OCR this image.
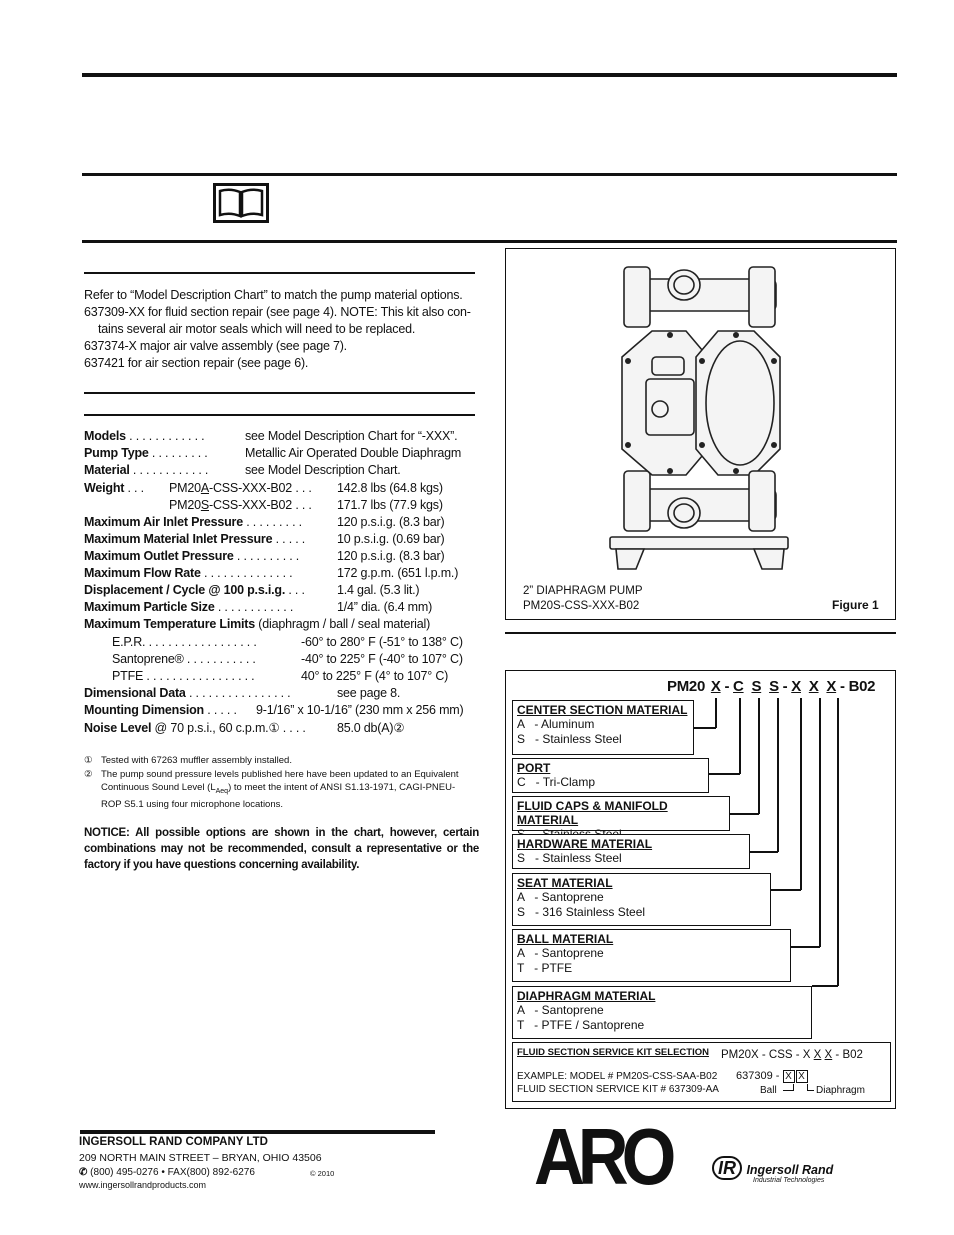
Refer to “Model Description Chart” to match the pump material options.
637309-XX for fluid section repair (see page 4). NOTE: This kit also con-
tains several air motor seals which will need to be replaced.
637374-X major air valve assembly (see page 7).
637421 for air section repair (see page 6).
Models . . . . . . . . . . . .	see Model Description Chart for “-XXX”.
Pump Type . . . . . . . . .	Metallic Air Operated Double Diaphragm
Material . . . . . . . . . . . .	see Model Description Chart.
Weight . . . PM20A-CSS-XXX-B02 . . . 142.8 lbs (64.8 kgs)
PM20S-CSS-XXX-B02 . . . 171.7 lbs (77.9 kgs)
Maximum Air Inlet Pressure . . . . . . . . .	120 p.s.i.g. (8.3 bar)
Maximum Material Inlet Pressure . . . . .	10 p.s.i.g. (0.69 bar)
Maximum Outlet Pressure . . . . . . . . . .	120 p.s.i.g. (8.3 bar)
Maximum Flow Rate . . . . . . . . . . . . . .	172 g.p.m. (651 l.p.m.)
Displacement / Cycle @ 100 p.s.i.g. . . .	1.4 gal. (5.3 lit.)
Maximum Particle Size . . . . . . . . . . . .	1/4” dia. (6.4 mm)
Maximum Temperature Limits (diaphragm / ball / seal material)
E.P.R. . . . . . . . . . . . . . . . . .	-60° to 280° F (-51° to 138° C)
Santoprene® . . . . . . . . . . .	-40° to 225° F (-40° to 107° C)
PTFE . . . . . . . . . . . . . . . . .	40° to 225° F (4° to 107° C)
Dimensional Data . . . . . . . . . . . . . . . .	see page 8.
Mounting Dimension . . . . . 9-1/16” x 10-1/16” (230 mm x 256 mm)
Noise Level @ 70 p.s.i., 60 c.p.m.① . . . .	85.0 db(A)②
① Tested with 67263 muffler assembly installed.
② The pump sound pressure levels published here have been updated to an Equivalent
Continuous Sound Level $(L_{Aeq})$ to meet the intent of ANSI S1.13-1971, CAGI-PNEU-
ROP S5.1 using four microphone locations.
NOTICE: All possible options are shown in the chart, however, certain
combinations may not be recommended, consult a representative or the
factory if you have questions concerning availability.
2” DIAPHRAGM PUMP
PM20S-CSS-XXX-B02	Figure 1
PM20 X - C S S - X X X - B02
CENTER SECTION MATERIAL
A   - Aluminum
S   - Stainless Steel
PORT
C   - Tri-Clamp
FLUID CAPS & MANIFOLD MATERIAL
HARDWARE MATERIAL
S   - Stainless Steel
SEAT MATERIAL
A   - Santoprene
S   - 316 Stainless Steel
BALL MATERIAL
A   - Santoprene
T   - PTFE
DIAPHRAGM MATERIAL
A   - Santoprene
T   - PTFE / Santoprene
FLUID SECTION SERVICE KIT SELECTION PM20X - CSS - X X X - B02
EXAMPLE: MODEL # PM20S-CSS-SAA-B02
FLUID SECTION SERVICE KIT # 637309-AA
637309 - X X
Ball	Diaphragm
INGERSOLL RAND COMPANY LTD
209 NORTH MAIN STREET – BRYAN, OHIO 43506
✆ (800) 495-0276 • FAX(800) 892-6276	© 2010
www.ingersollrandproducts.com	ARO	IR Ingersoll Rand
Industrial Technologies
